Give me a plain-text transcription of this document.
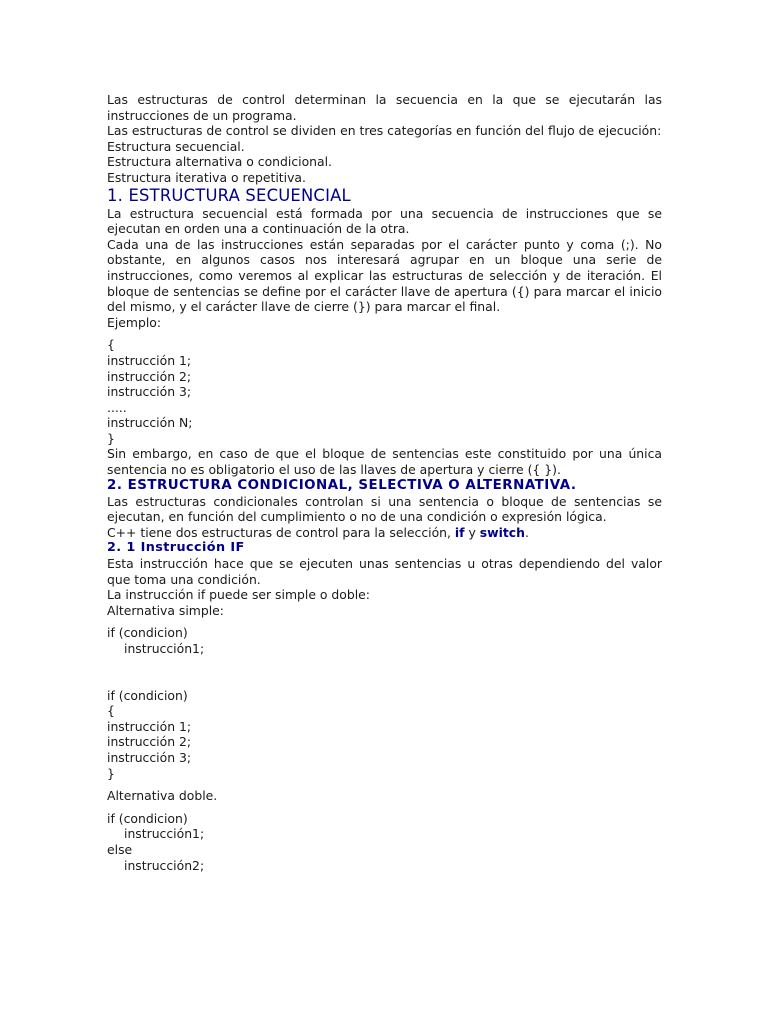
Las estructuras de control determinan la secuencia en la que se ejecutarán las instrucciones de un programa.

Las estructuras de control se dividen en tres categorías en función del flujo de ejecución:

Estructura secuencial.

Estructura alternativa o condicional.

Estructura iterativa o repetitiva.

1. ESTRUCTURA SECUENCIAL

La estructura secuencial está formada por una secuencia de instrucciones que se ejecutan en orden una a continuación de la otra.

Cada una de las instrucciones están separadas por el carácter punto y coma (;). No obstante, en algunos casos nos interesará agrupar en un bloque una serie de instrucciones, como veremos al explicar las estructuras de selección y de iteración. El bloque de sentencias se define por el carácter llave de apertura ({) para marcar el inicio del mismo, y el carácter llave de cierre (}) para marcar el final.

Ejemplo:

{

instrucción 1;

instrucción 2;

instrucción 3;

.....

instrucción N;

}

Sin embargo, en caso de que el bloque de sentencias este constituido por una única sentencia no es obligatorio el uso de las llaves de apertura y cierre ({ }).

2. ESTRUCTURA CONDICIONAL, SELECTIVA O ALTERNATIVA.

Las estructuras condicionales controlan si una sentencia o bloque de sentencias se ejecutan, en función del cumplimiento o no de una condición o expresión lógica.

C++ tiene dos estructuras de control para la selección, if y switch.

2. 1 Instrucción IF

Esta instrucción hace que se ejecuten unas sentencias u otras dependiendo del valor que toma una condición.

La instrucción if puede ser simple o doble:

Alternativa simple:

if (condicion)

instrucción1;

if (condicion)

{

instrucción 1;

instrucción 2;

instrucción 3;

}

Alternativa doble.

if (condicion)

instrucción1;

else

instrucción2;
